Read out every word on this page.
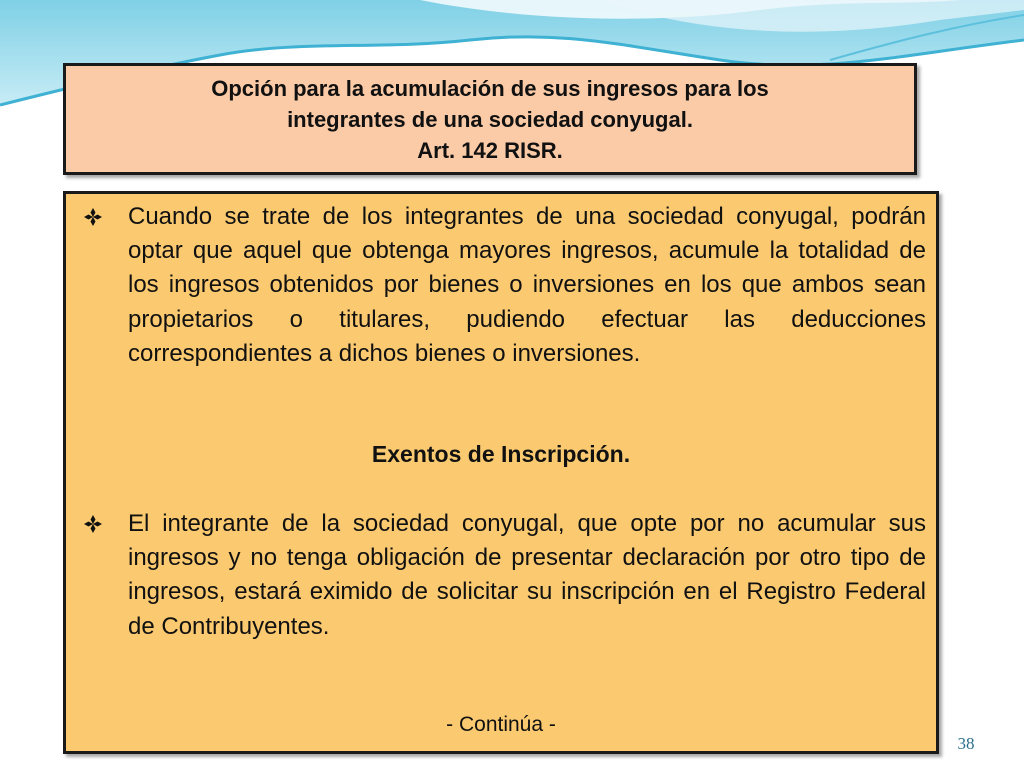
Opción para la acumulación de sus ingresos para los
integrantes de una sociedad conyugal.
Art. 142 RISR.
Cuando se trate de los integrantes de una sociedad conyugal, podrán optar que aquel que obtenga mayores ingresos, acumule la totalidad de los ingresos obtenidos por bienes o inversiones en los que ambos sean propietarios o titulares, pudiendo efectuar las deducciones correspondientes a dichos bienes o inversiones.
Exentos de Inscripción.
El integrante de la sociedad conyugal, que opte por no acumular sus ingresos y no tenga obligación de presentar declaración por otro tipo de ingresos, estará eximido de solicitar su inscripción en el Registro Federal de Contribuyentes.
- Continúa -
38
